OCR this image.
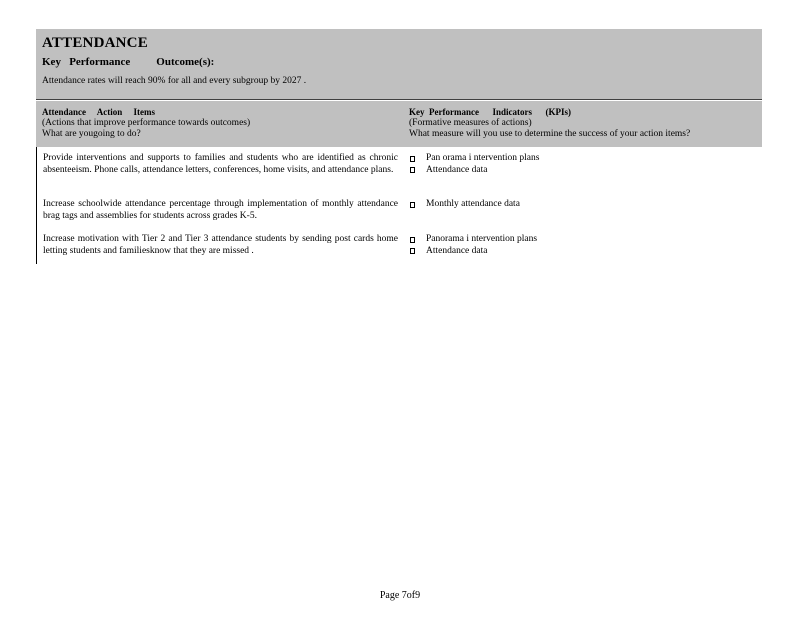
ATTENDANCE
Key   Performance Outcome(s):
Attendance rates will reach 90% for all and every subgroup by 2027 .
Attendance     Action     Items
(Actions that improve performance towards outcomes)
What are yougoing to do?
Key  Performance      Indicators      (KPIs)
(Formative measures of actions)
What measure will you use to determine the success of your action items?
Provide interventions and supports to families and students who are identified as chronic absenteeism. Phone calls, attendance letters, conferences, home visits, and attendance plans.
Pan orama i ntervention plans
Attendance data
Increase schoolwide attendance percentage through implementation of monthly attendance brag tags and assemblies for students across grades K-5.
Monthly attendance data
Increase motivation with Tier 2 and Tier 3 attendance students by sending post cards home letting students and familiesknow that they are missed .
Panorama i ntervention plans
Attendance data
Page 7of9
